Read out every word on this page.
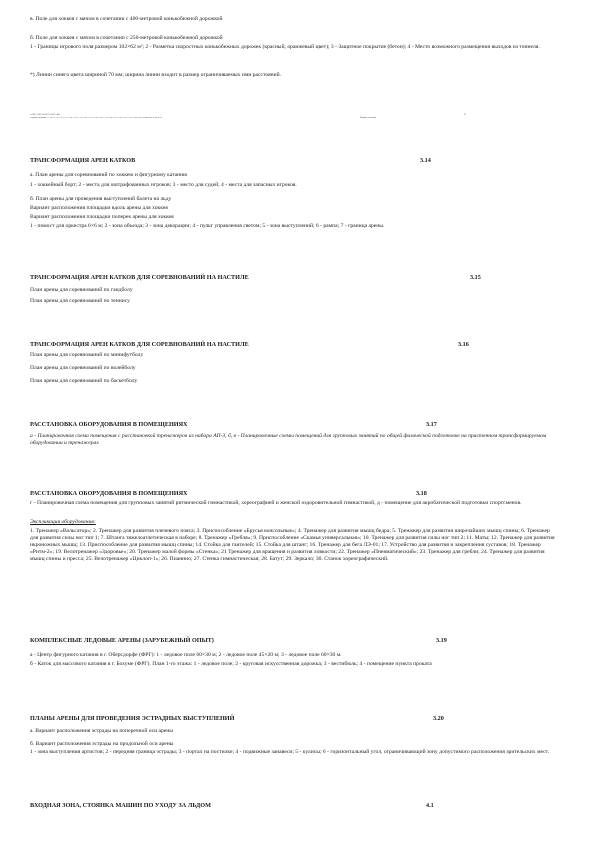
в. Поле для хоккея с мячом в сочетании с 400-метровой конькобежной дорожкой
б. Поле для хоккея с мячом в сочетании с 250-метровой конькобежной дорожкой
1 - Границы игрового поля размером 102×62 м²; 2 - Разметка скоростных конькобежных дорожек (красный, оранжевый цвет); 3 - Защитное покрытие (бетон); 4 - Место возможного размещения выходов из тоннеля.
*) Линии синего цвета шириной 70 мм; ширина линии входит в размер ограничиваемых ими расстояний.
ст 001 Ст 002 Ст 003 Ст 004 Ст 005
Ходовые элементы 1 2 3 4 5 6 7 8 9 10 11 12 13 14 15 16 17 18 19 20 21 22 23 24 25 26 27 28 29 30 31 32 33 34 35 36 37 38 39 40 41 42 43 44 45 46 47 48 49 50	Ходовые элементы
F1
ТРАНСФОРМАЦИЯ АРЕН КАТКОВ	3.14
а. План арены для соревнований по хоккею и фигурному катанию
1 - хоккейный борт; 2 - места для оштрафованных игроков; 3 - место для судей; 4 - места для запасных игроков.
б. План арены для проведения выступлений балета на льду
Вариант расположения площадки вдоль арены для хоккея
Вариант расположения площадки поперек арены для хоккея
1 - помост для оркестра 6×6 м; 2 - зона объезда; 3 - зона декорации; 4 - пульт управления светом; 5 - зона выступлений; 6 - рампа; 7 - граница арены.
ТРАНСФОРМАЦИЯ АРЕН КАТКОВ ДЛЯ СОРЕВНОВАНИЙ НА НАСТИЛЕ	3.15
План арены для соревнований по гандболу
План арены для соревнований по теннису
ТРАНСФОРМАЦИЯ АРЕН КАТКОВ ДЛЯ СОРЕВНОВАНИЙ НА НАСТИЛЕ	3.16
План арены для соревнований по минифутболу
План арены для соревнований по волейболу
План арены для соревнований по баскетболу
РАССТАНОВКА ОБОРУДОВАНИЯ В ПОМЕЩЕНИЯХ	3.17
а - Планировочная схема помещения с расстановкой тренажеров из набора АП-3, б, в - Планировочные схемы помещений для групповых занятий по общей физической подготовке на пристенном трансформируемом оборудовании и тренажерах
РАССТАНОВКА ОБОРУДОВАНИЯ В ПОМЕЩЕНИЯХ	3.18
г - Планировочная схема помещения для групповых занятий ритмической гимнастикой, хореографией и женской оздоровительной гимнастикой, д - помещение для акробатической подготовки спортсменов.
Экспликация оборудования:
1. Тренажер «Вальсатор»; 2. Тренажер для развития плечевого пояса; 3. Приспособление «Брусья консольные»; 4. Тренажер для развития мышц бедра; 5. Тренажер для развития широчайших мышц спины; 6. Тренажер для развития силы ног тип 1; 7. Штанга тяжелоатлетическая в наборе; 8. Тренажер «Гребля»; 9. Приспособление «Скамья универсальная»; 10. Тренажер для развития силы ног тип 2; 11. Маты; 12. Тренажер для развития икроножных мышц; 13. Приспособление для развития мышц спины; 14. Стойка для гантелей; 15. Стойка для штанг; 16. Тренажер для бега ЛЭ-01; 17. Устройство для развития и закрепления суставов; 18. Тренажер «Ритм-2»; 19. Велотренажер «Здоровье»; 20. Тренажер малой формы «Стенка»; 21 Тренажер для вращения и развития ловкости; 22. Тренажер «Пневматический»; 23. Тренажер для гребли; 24. Тренажер для развития мышц спины и пресса; 25. Велотренажер «Циклоп-1»; 26. Пианино; 27. Стенка гимнастическая; 28. Батут; 29. Зеркало; 30. Станок хореографический.
КОМПЛЕКСНЫЕ ЛЕДОВЫЕ АРЕНЫ (ЗАРУБЕЖНЫЙ ОПЫТ)	3.19
а - Центр фигурного катания в г. Оберсдорфе (ФРГ): 1 - ледовое поле 60×30 м; 2 - ледовое поле 45×20 м; 3 - ледовое поле 60×30 м.
б - Каток для массового катания в г. Бохуме (ФРГ). План 1-го этажа: 1 - ледовое поле; 2 - круговая искусственная дорожка; 3 - вестибюль; 4 - помещение пункта проката
ПЛАНЫ АРЕНЫ ДЛЯ ПРОВЕДЕНИЯ ЭСТРАДНЫХ ВЫСТУПЛЕНИЙ	3.20
а. Вариант расположения эстрады на поперечной оси арены
б. Вариант расположения эстрады на продольной оси арены
1 - зона выступления артистов; 2 - передняя граница эстрады; 3 - портал на постилке; 4 - подвижные занавеси; 5 - кулисы; 6 - горизонтальный угол, ограничивающий зону допустимого расположения зрительских мест.
ВХОДНАЯ ЗОНА, СТОЯНКА МАШИН ПО УХОДУ ЗА ЛЬДОМ	4.1
